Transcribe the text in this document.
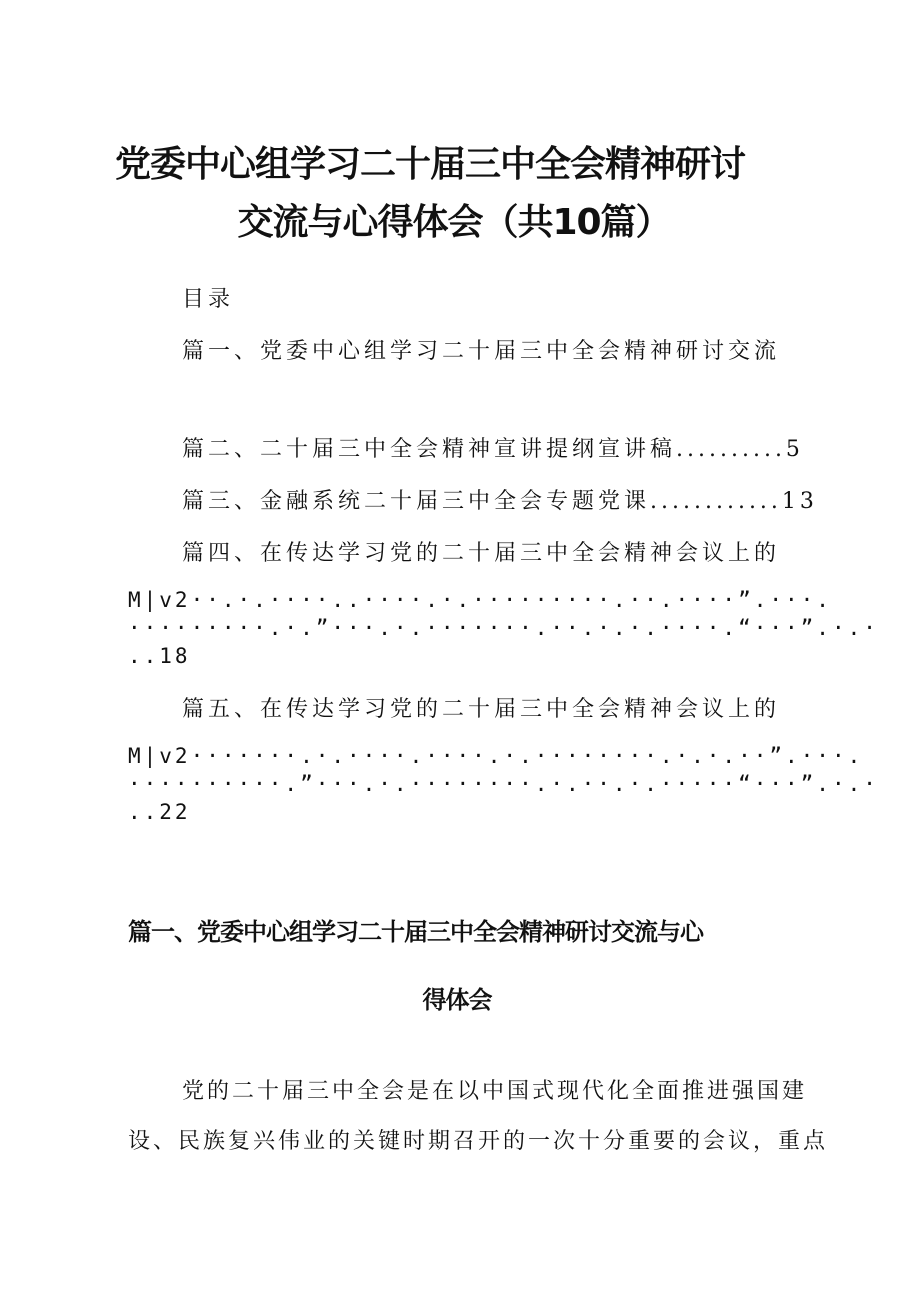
党委中心组学习二十届三中全会精神研讨
交流与心得体会（共10篇）
目录
篇一、党委中心组学习二十届三中全会精神研讨交流
篇二、二十届三中全会精神宣讲提纲宣讲稿..........5
篇三、金融系统二十届三中全会专题党课............13
篇四、在传达学习党的二十届三中全会精神会议上的
M|v2··.·.····..····.·.·········.··.····”.···.
·········.·.”···.·.·······.··.·.·.····.“···”.·.·
..18
篇五、在传达学习党的二十届三中全会精神会议上的
M|v2·······.·.····.····.·.········.·.·.··”.···.
··········.”···.·.········.·.··.·.·····“···”.·.·
..22
篇一、党委中心组学习二十届三中全会精神研讨交流与心
得体会
党的二十届三中全会是在以中国式现代化全面推进强国建
设、民族复兴伟业的关键时期召开的一次十分重要的会议，重点
